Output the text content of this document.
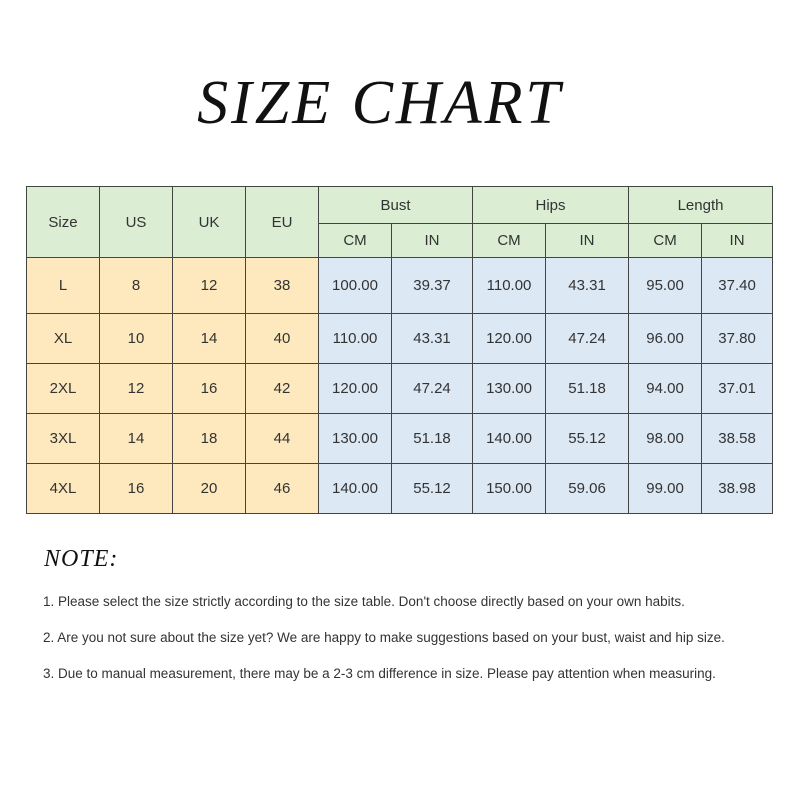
SIZE CHART
Size	US	UK	EU	Bust		Hips		Length	
				CM	IN	CM	IN	CM	IN
L	8	12	38	100.00	39.37	110.00	43.31	95.00	37.40
XL	10	14	40	110.00	43.31	120.00	47.24	96.00	37.80
2XL	12	16	42	120.00	47.24	130.00	51.18	94.00	37.01
3XL	14	18	44	130.00	51.18	140.00	55.12	98.00	38.58
4XL	16	20	46	140.00	55.12	150.00	59.06	99.00	38.98
NOTE:
1. Please select the size strictly according to the size table. Don't choose directly based on your own habits.
2. Are you not sure about the size yet? We are happy to make suggestions based on your bust, waist and hip size.
3. Due to manual measurement, there may be a 2-3 cm difference in size. Please pay attention when measuring.
